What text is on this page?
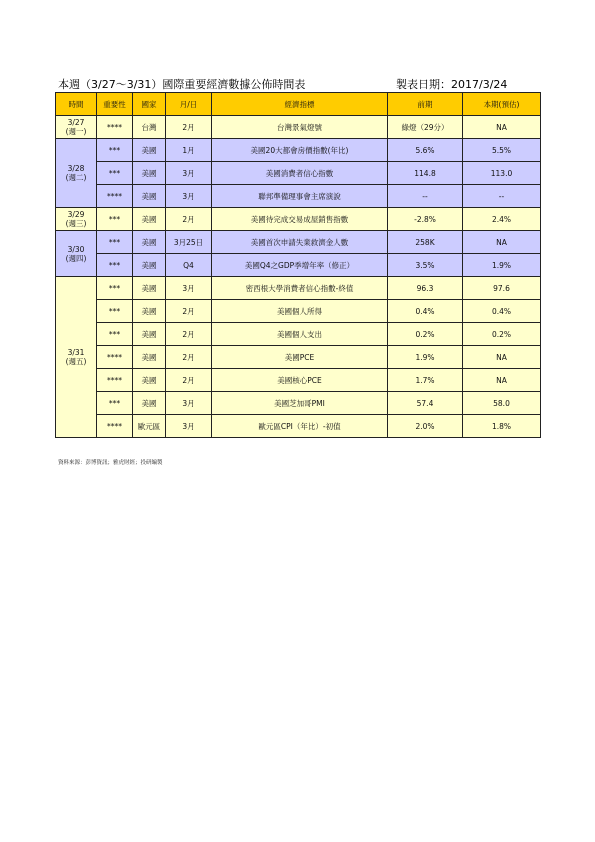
本週（3/27～3/31）國際重要經濟數據公佈時間表	製表日期：2017/3/24
時間	重要性	國家	月/日	經濟指標	前期	本期(預估)
3/27
(週一)	****	台灣	2月	台灣景氣燈號	綠燈（29分）	NA
3/28
(週二)	***	美國	1月	美國20大都會房價指數(年比)	5.6%	5.5%
	***	美國	3月	美國消費者信心指數	114.8	113.0
	****	美國	3月	聯邦準備理事會主席演說	--	--
3/29
(週三)	***	美國	2月	美國待完成交易成屋銷售指數	-2.8%	2.4%
3/30
(週四)	***	美國	3月25日	美國首次申請失業救濟金人數	258K	NA
	***	美國	Q4	美國Q4之GDP季增年率（修正）	3.5%	1.9%
3/31
(週五)	***	美國	3月	密西根大學消費者信心指數-終值	96.3	97.6
	***	美國	2月	美國個人所得	0.4%	0.4%
	***	美國	2月	美國個人支出	0.2%	0.2%
	****	美國	2月	美國PCE	1.9%	NA
	****	美國	2月	美國核心PCE	1.7%	NA
	***	美國	3月	美國芝加哥PMI	57.4	58.0
	****	歐元區	3月	歐元區CPI（年比）-初值	2.0%	1.8%
資料來源：彭博資訊；雅虎財經；投研編製
